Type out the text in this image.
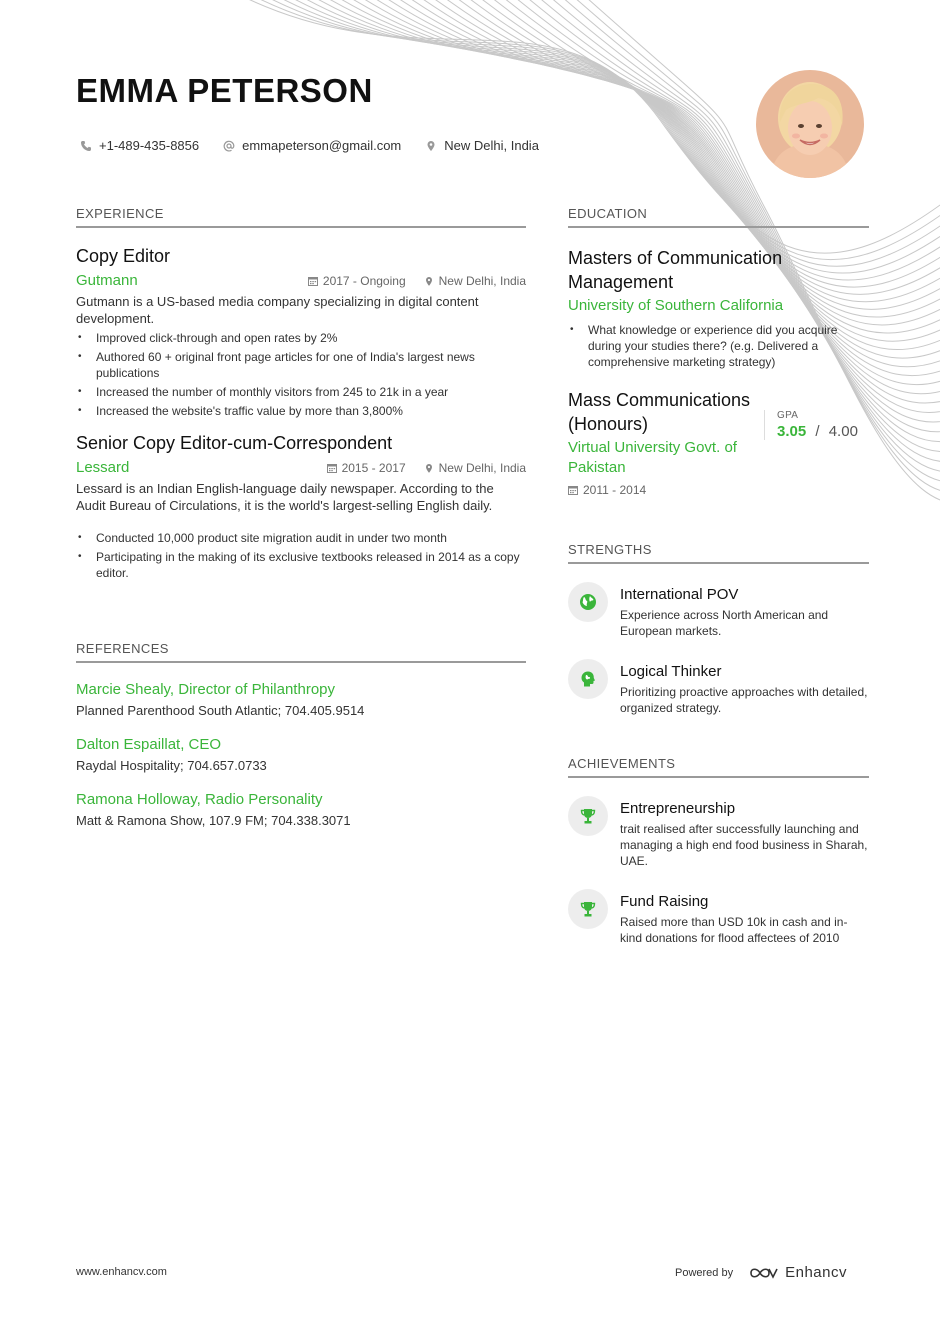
EMMA PETERSON
+1-489-435-8856	emmapeterson@gmail.com	New Delhi, India
EXPERIENCE
Copy Editor
Gutmann	2017 - Ongoing	New Delhi, India
Gutmann is a US-based media company specializing in digital content development.
• Improved click-through and open rates by 2%
• Authored 60 + original front page articles for one of India's largest news publications
• Increased the number of monthly visitors from 245 to 21k in a year
• Increased the website's traffic value by more than 3,800%
Senior Copy Editor-cum-Correspondent
Lessard	2015 - 2017	New Delhi, India
Lessard is an Indian English-language daily newspaper. According to the Audit Bureau of Circulations, it is the world's largest-selling English daily.
• Conducted 10,000 product site migration audit in under two month
• Participating in the making of its exclusive textbooks released in 2014 as a copy editor.
REFERENCES
Marcie Shealy, Director of Philanthropy
Planned Parenthood South Atlantic; 704.405.9514
Dalton Espaillat, CEO
Raydal Hospitality; 704.657.0733
Ramona Holloway, Radio Personality
Matt & Ramona Show, 107.9 FM; 704.338.3071
EDUCATION
Masters of Communication Management
University of Southern California
• What knowledge or experience did you acquire during your studies there? (e.g. Delivered a comprehensive marketing strategy)
Mass Communications (Honours)
Virtual University Govt. of Pakistan
2011 - 2014
GPA
3.05 / 4.00
STRENGTHS
International POV
Experience across North American and European markets.
Logical Thinker
Prioritizing proactive approaches with detailed, organized strategy.
ACHIEVEMENTS
Entrepreneurship
trait realised after successfully launching and managing a high end food business in Sharah, UAE.
Fund Raising
Raised more than USD 10k in cash and in-kind donations for flood affectees of 2010
www.enhancv.com	Powered by	Enhancv
